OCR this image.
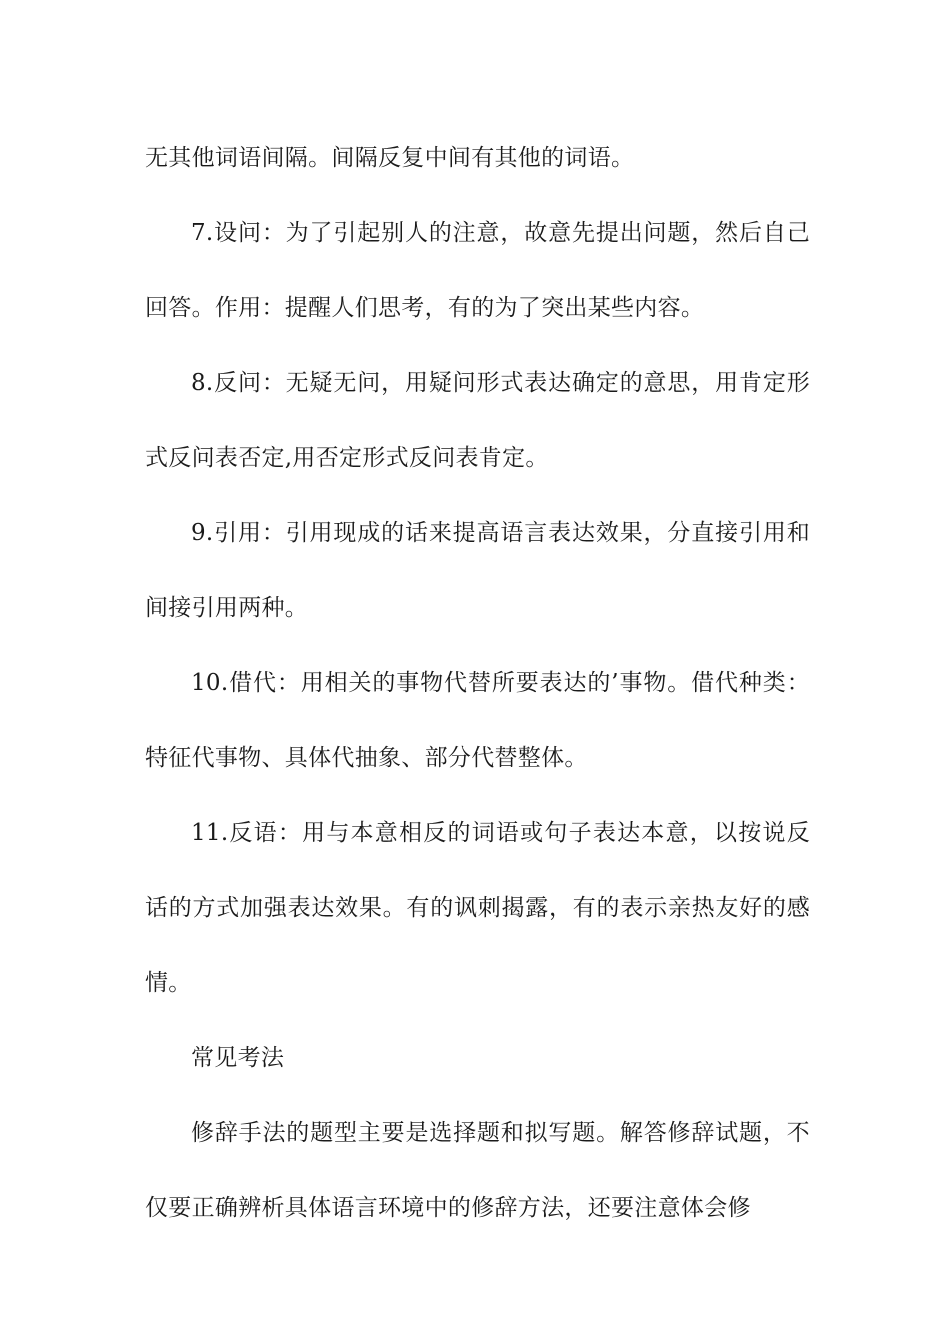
无其他词语间隔。间隔反复中间有其他的词语。

7.设问：为了引起别人的注意，故意先提出问题，然后自己回答。作用：提醒人们思考，有的为了突出某些内容。

8.反问：无疑无问，用疑问形式表达确定的意思，用肯定形式反问表否定,用否定形式反问表肯定。

9.引用：引用现成的话来提高语言表达效果，分直接引用和间接引用两种。

10.借代：用相关的事物代替所要表达的’事物。借代种类：特征代事物、具体代抽象、部分代替整体。

11.反语：用与本意相反的词语或句子表达本意，以按说反话的方式加强表达效果。有的讽刺揭露，有的表示亲热友好的感情。

常见考法

修辞手法的题型主要是选择题和拟写题。解答修辞试题，不仅要正确辨析具体语言环境中的修辞方法，还要注意体会修
